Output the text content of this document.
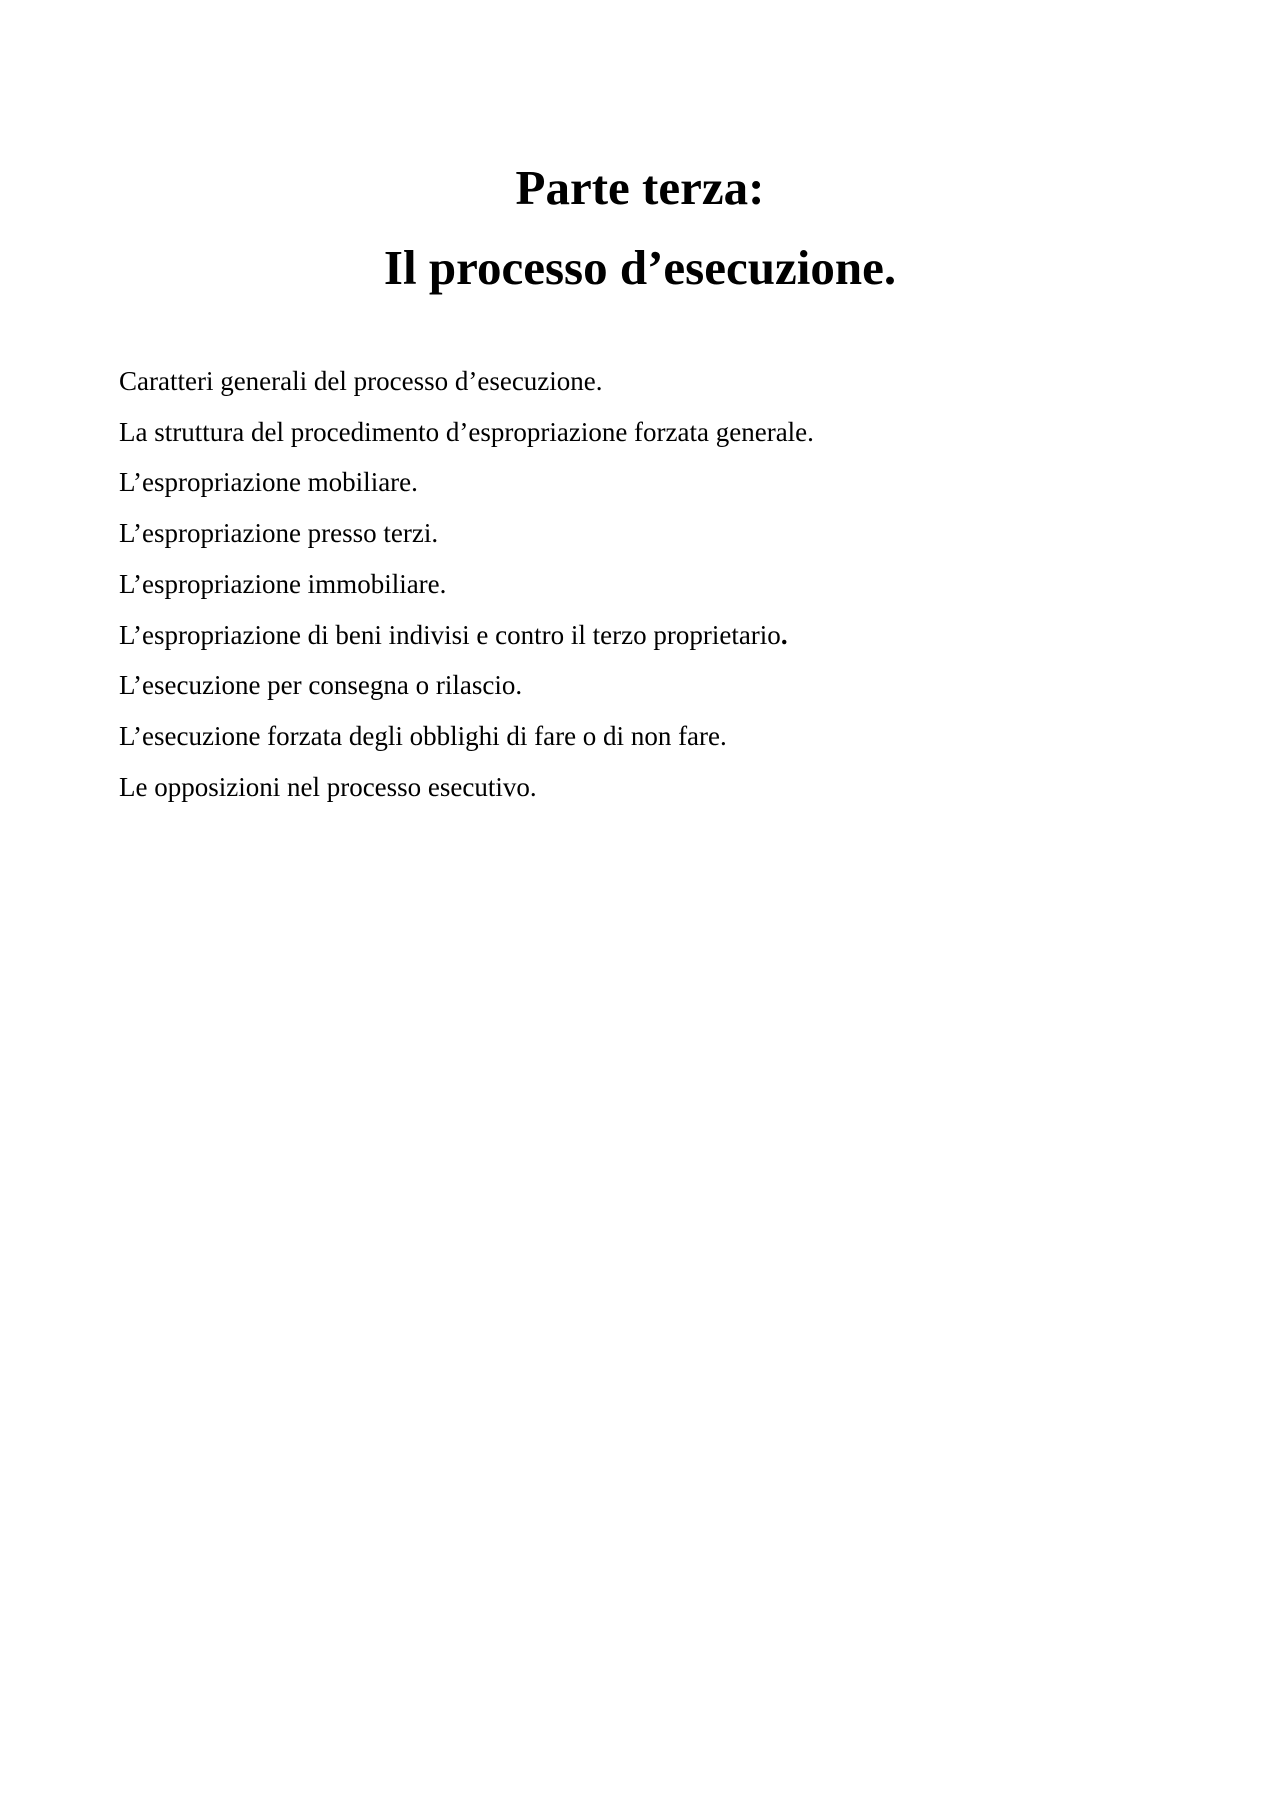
Parte terza:
Il processo d’esecuzione.
Caratteri generali del processo d’esecuzione.
La struttura del procedimento d’espropriazione forzata generale.
L’espropriazione mobiliare.
L’espropriazione presso terzi.
L’espropriazione immobiliare.
L’espropriazione di beni indivisi e contro il terzo proprietario.
L’esecuzione per consegna o rilascio.
L’esecuzione forzata degli obblighi di fare o di non fare.
Le opposizioni nel processo esecutivo.
